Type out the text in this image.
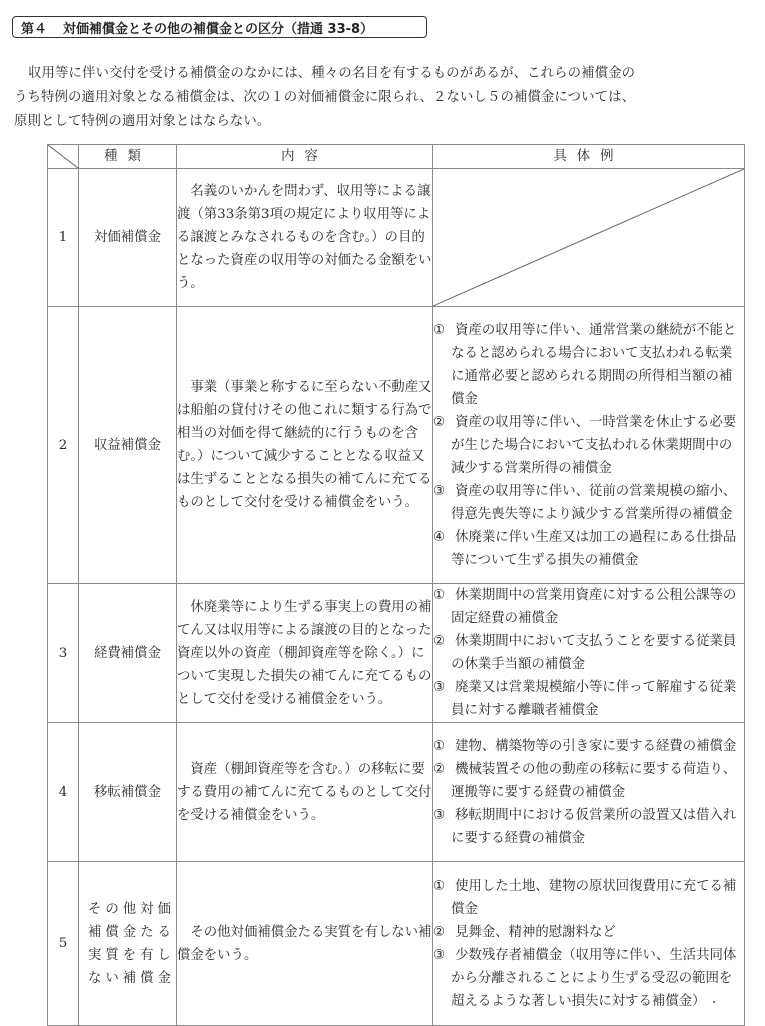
第４ 対価補償金とその他の補償金との区分（措通 33-8）
収用等に伴い交付を受ける補償金のなかには、種々の名目を有するものがあるが、これらの補償金の
うち特例の適用対象となる補償金は、次の１の対価補償金に限られ、２ないし５の補償金については、
原則として特例の適用対象とはならない。
	種類	内容	具体例
1	対価補償金	名義のいかんを問わず、収用等による譲渡（第33条第3項の規定により収用等による譲渡とみなされるものを含む。）の目的となった資産の収用等の対価たる金額をいう。

2	収益補償金	事業（事業と称するに至らない不動産又は船舶の貸付けその他これに類する行為で相当の対価を得て継続的に行うものを含む。）について減少することとなる収益又は生ずることとなる損失の補てんに充てるものとして交付を受ける補償金をいう。	① 資産の収用等に伴い、通常営業の継続が不能となると認められる場合において支払われる転業に通常必要と認められる期間の所得相当額の補償金
② 資産の収用等に伴い、一時営業を休止する必要が生じた場合において支払われる休業期間中の減少する営業所得の補償金
③ 資産の収用等に伴い、従前の営業規模の縮小、得意先喪失等により減少する営業所得の補償金
④ 休廃業に伴い生産又は加工の過程にある仕掛品等について生ずる損失の補償金

3	経費補償金	休廃業等により生ずる事実上の費用の補てん又は収用等による譲渡の目的となった資産以外の資産（棚卸資産等を除く。）について実現した損失の補てんに充てるものとして交付を受ける補償金をいう。	① 休業期間中の営業用資産に対する公租公課等の固定経費の補償金
② 休業期間中において支払うことを要する従業員の休業手当額の補償金
③ 廃業又は営業規模縮小等に伴って解雇する従業員に対する離職者補償金

4	移転補償金	資産（棚卸資産等を含む。）の移転に要する費用の補てんに充てるものとして交付を受ける補償金をいう。	① 建物、構築物等の引き家に要する経費の補償金
② 機械装置その他の動産の移転に要する荷造り、運搬等に要する経費の補償金
③ 移転期間中における仮営業所の設置又は借入れに要する経費の補償金

5	その他対価補償金たる実質を有しない補償金	その他対価補償金たる実質を有しない補償金をいう。	① 使用した土地、建物の原状回復費用に充てる補償金
② 見舞金、精神的慰謝料など
③ 少数残存者補償金（収用等に伴い、生活共同体から分離されることにより生ずる受忍の範囲を超えるような著しい損失に対する補償金）
